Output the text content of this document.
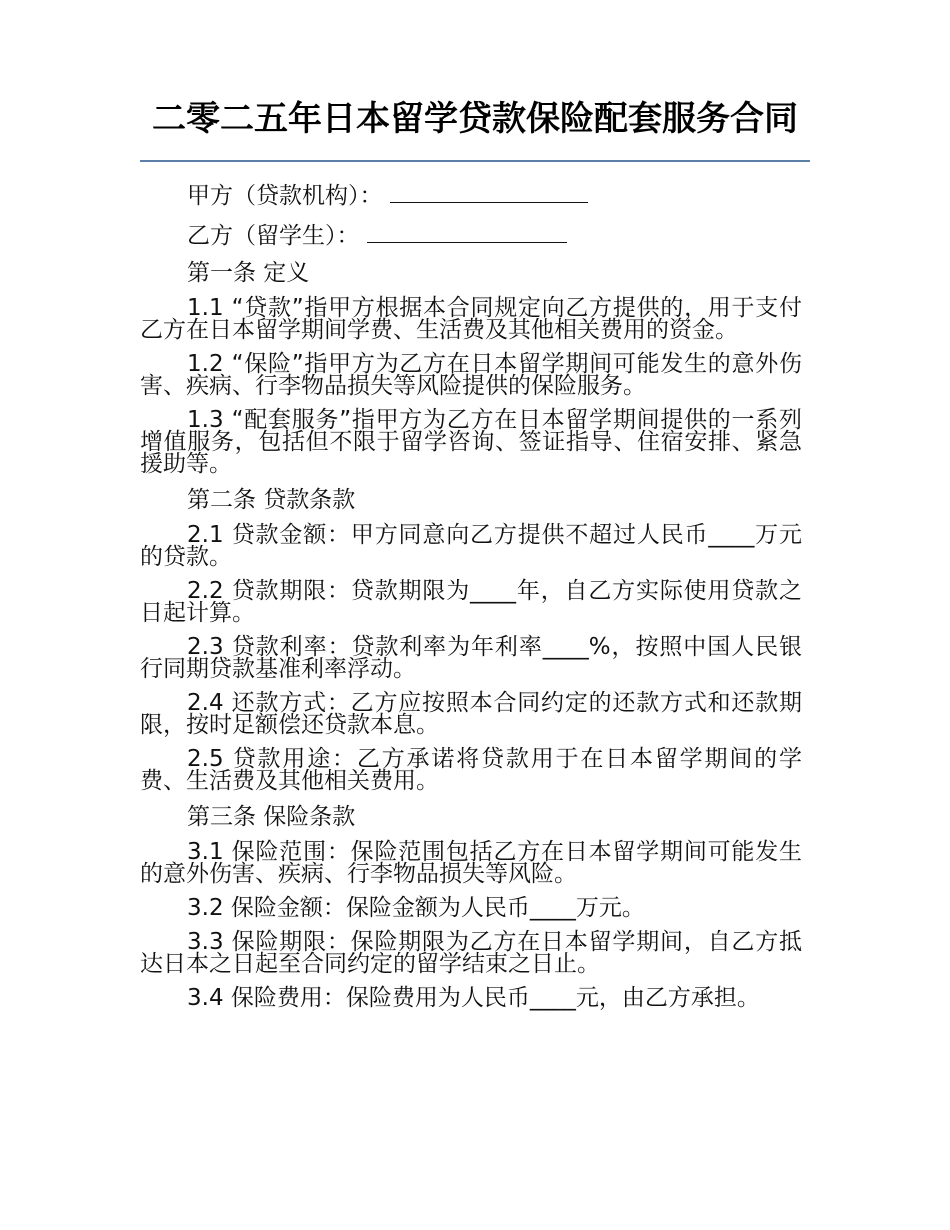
二零二五年日本留学贷款保险配套服务合同
甲方（贷款机构）：
乙方（留学生）：
第一条 定义

1.1 “贷款”指甲方根据本合同规定向乙方提供的，用于支付乙方在日本留学期间学费、生活费及其他相关费用的资金。

1.2 “保险”指甲方为乙方在日本留学期间可能发生的意外伤害、疾病、行李物品损失等风险提供的保险服务。

1.3 “配套服务”指甲方为乙方在日本留学期间提供的一系列增值服务，包括但不限于留学咨询、签证指导、住宿安排、紧急援助等。

第二条 贷款条款

2.1 贷款金额：甲方同意向乙方提供不超过人民币____万元的贷款。

2.2 贷款期限：贷款期限为____年，自乙方实际使用贷款之日起计算。

2.3 贷款利率：贷款利率为年利率____%，按照中国人民银行同期贷款基准利率浮动。

2.4 还款方式：乙方应按照本合同约定的还款方式和还款期限，按时足额偿还贷款本息。

2.5 贷款用途：乙方承诺将贷款用于在日本留学期间的学费、生活费及其他相关费用。

第三条 保险条款

3.1 保险范围：保险范围包括乙方在日本留学期间可能发生的意外伤害、疾病、行李物品损失等风险。

3.2 保险金额：保险金额为人民币____万元。

3.3 保险期限：保险期限为乙方在日本留学期间，自乙方抵达日本之日起至合同约定的留学结束之日止。

3.4 保险费用：保险费用为人民币____元，由乙方承担。
